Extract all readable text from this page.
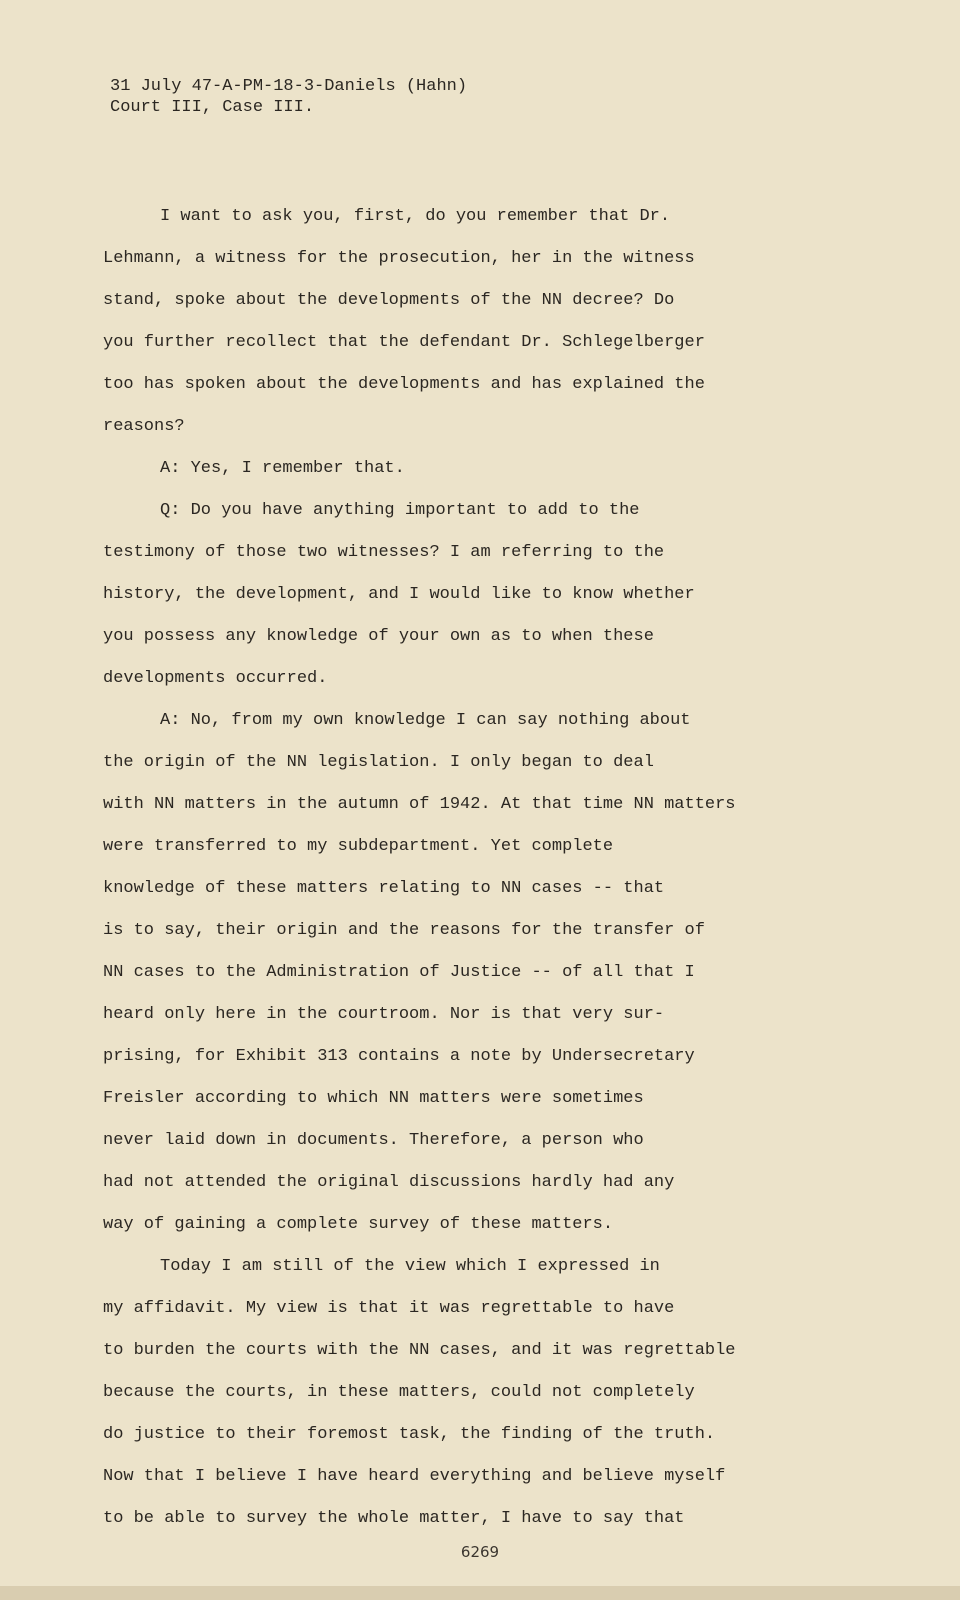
31 July 47-A-PM-18-3-Daniels (Hahn)
Court III, Case III.
I want to ask you, first, do you remember that Dr.
Lehmann, a witness for the prosecution, her in the witness
stand, spoke about the developments of the NN decree? Do
you further recollect that the defendant Dr. Schlegelberger
too has spoken about the developments and has explained the
reasons?
A: Yes, I remember that.
Q: Do you have anything important to add to the
testimony of those two witnesses? I am referring to the
history, the development, and I would like to know whether
you possess any knowledge of your own as to when these
developments occurred.
A: No, from my own knowledge I can say nothing about
the origin of the NN legislation. I only began to deal
with NN matters in the autumn of 1942. At that time NN matters
were transferred to my subdepartment. Yet complete
knowledge of these matters relating to NN cases -- that
is to say, their origin and the reasons for the transfer of
NN cases to the Administration of Justice -- of all that I
heard only here in the courtroom. Nor is that very sur-
prising, for Exhibit 313 contains a note by Undersecretary
Freisler according to which NN matters were sometimes
never laid down in documents. Therefore, a person who
had not attended the original discussions hardly had any
way of gaining a complete survey of these matters.
Today I am still of the view which I expressed in
my affidavit. My view is that it was regrettable to have
to burden the courts with the NN cases, and it was regrettable
because the courts, in these matters, could not completely
do justice to their foremost task, the finding of the truth.
Now that I believe I have heard everything and believe myself
to be able to survey the whole matter, I have to say that
6269
